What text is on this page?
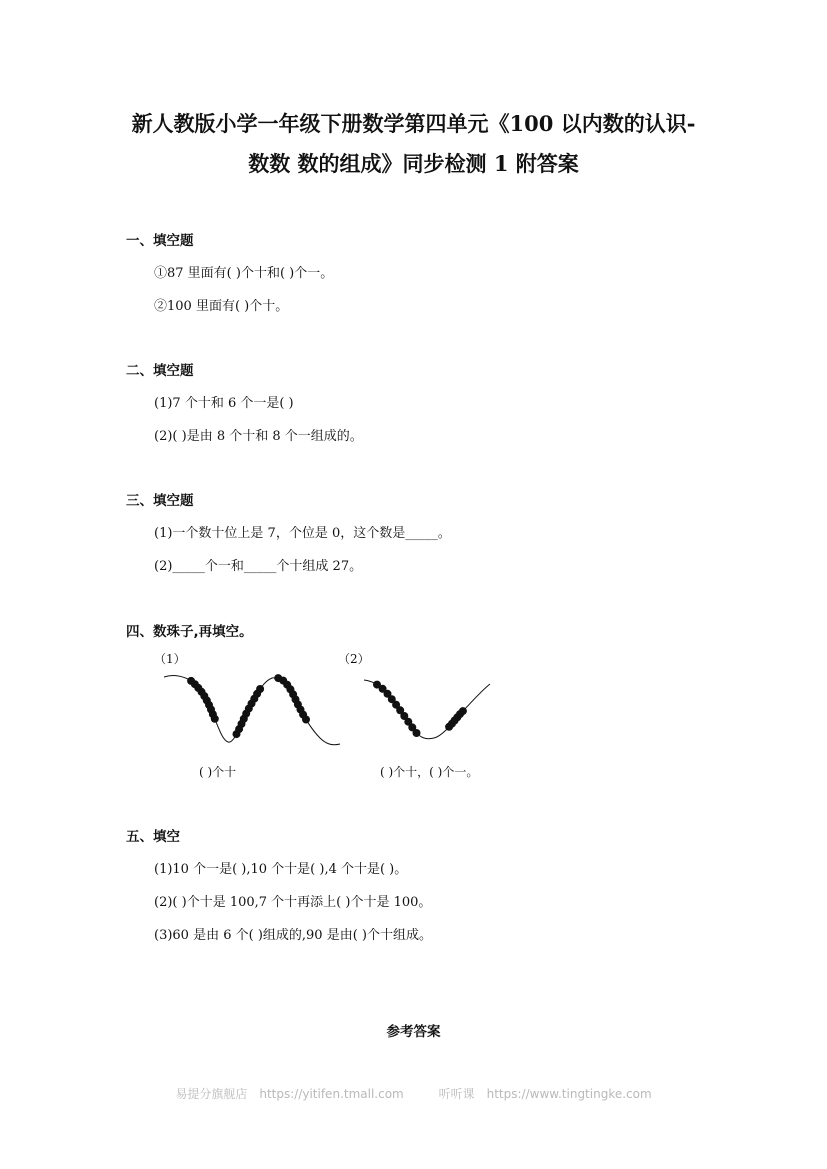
新人教版小学一年级下册数学第四单元《100 以内数的认识-
数数 数的组成》同步检测 1 附答案
一、填空题
①87 里面有( )个十和( )个一。
②100 里面有( )个十。
二、填空题
(1)7 个十和 6 个一是( )
(2)( )是由 8 个十和 8 个一组成的。
三、填空题
(1)一个数十位上是 7，个位是 0，这个数是_____。
(2)_____个一和_____个十组成 27。
四、数珠子,再填空。
（1）	（2）
( )个十	( )个十，( )个一。
五、填空
(1)10 个一是( ),10 个十是( ),4 个十是( )。
(2)( )个十是 100,7 个十再添上( )个十是 100。
(3)60 是由 6 个( )组成的,90 是由( )个十组成。
参考答案
易提分旗舰店 https://yitifen.tmall.com	听听课 https://www.tingtingke.com
